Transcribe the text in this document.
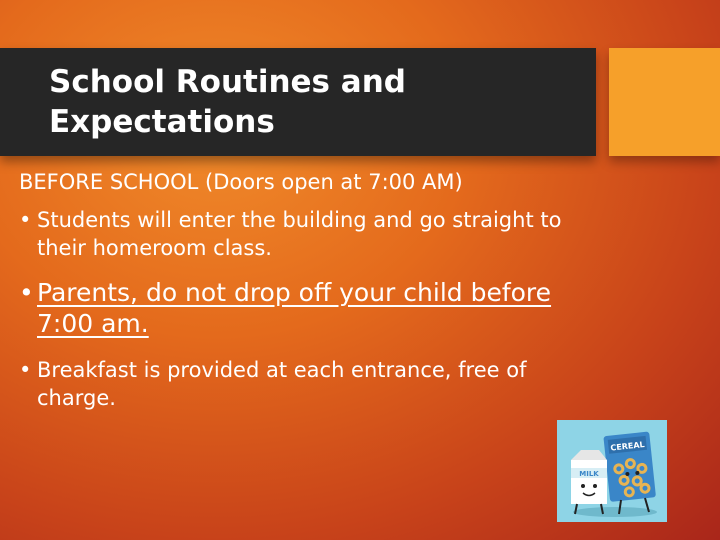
School Routines and
Expectations
BEFORE SCHOOL (Doors open at 7:00 AM)
• Students will enter the building and go straight to
their homeroom class.
• Parents, do not drop off your child before
7:00 am.
• Breakfast is provided at each entrance, free of
charge.
CEREAL
MILK
